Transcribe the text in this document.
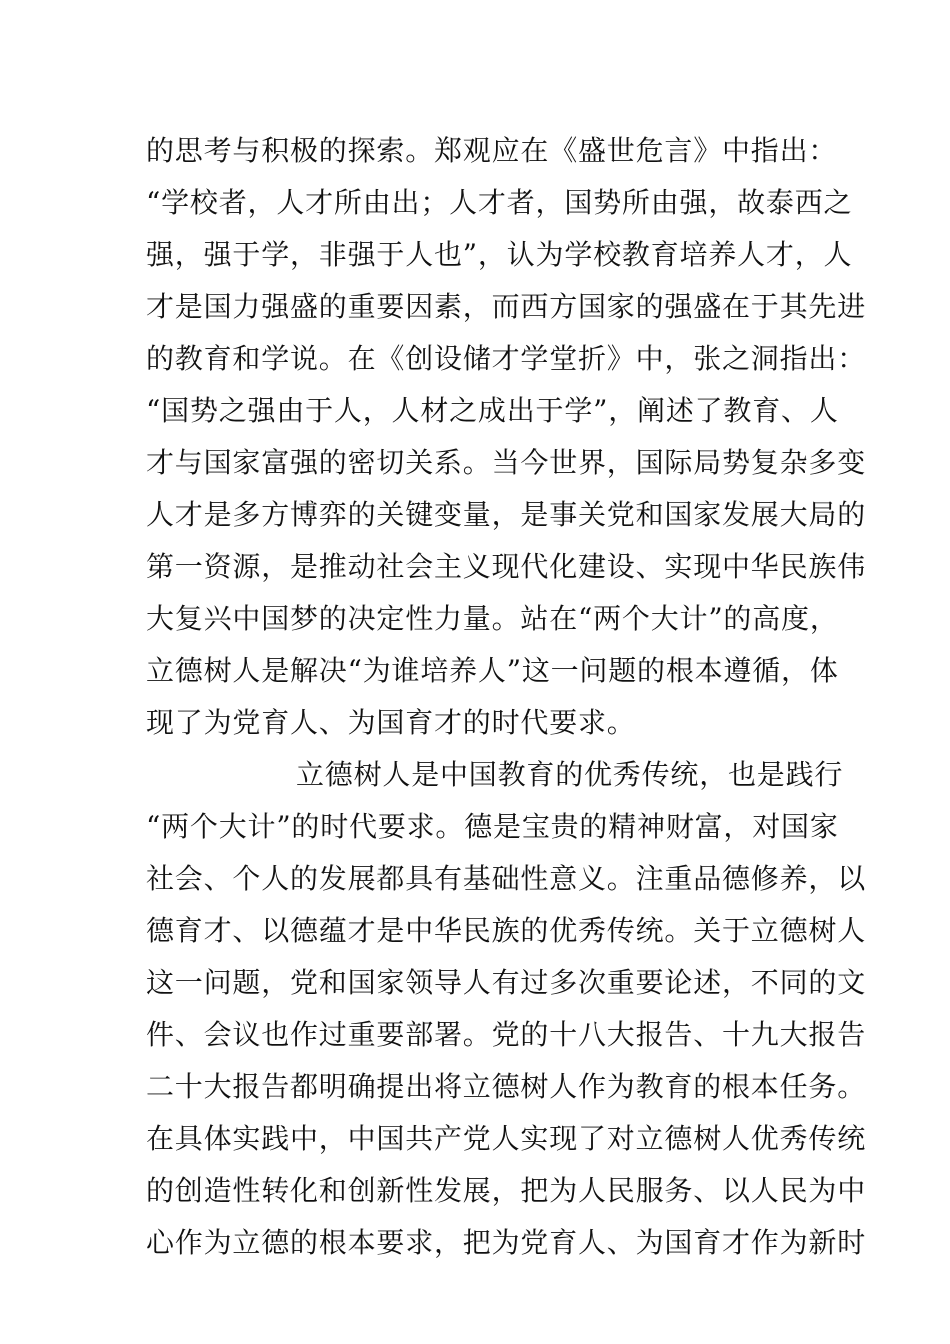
的思考与积极的探索。郑观应在《盛世危言》中指出：
“学校者，人才所由出；人才者，国势所由强，故泰西之
强，强于学，非强于人也”，认为学校教育培养人才，人
才是国力强盛的重要因素，而西方国家的强盛在于其先进
的教育和学说。在《创设储才学堂折》中，张之洞指出：
“国势之强由于人，人材之成出于学”，阐述了教育、人
才与国家富强的密切关系。当今世界，国际局势复杂多变
人才是多方博弈的关键变量，是事关党和国家发展大局的
第一资源，是推动社会主义现代化建设、实现中华民族伟
大复兴中国梦的决定性力量。站在“两个大计”的高度，
立德树人是解决“为谁培养人”这一问题的根本遵循，体
现了为党育人、为国育才的时代要求。
立德树人是中国教育的优秀传统，也是践行
“两个大计”的时代要求。德是宝贵的精神财富，对国家
社会、个人的发展都具有基础性意义。注重品德修养，以
德育才、以德蕴才是中华民族的优秀传统。关于立德树人
这一问题，党和国家领导人有过多次重要论述，不同的文
件、会议也作过重要部署。党的十八大报告、十九大报告
二十大报告都明确提出将立德树人作为教育的根本任务。
在具体实践中，中国共产党人实现了对立德树人优秀传统
的创造性转化和创新性发展，把为人民服务、以人民为中
心作为立德的根本要求，把为党育人、为国育才作为新时
